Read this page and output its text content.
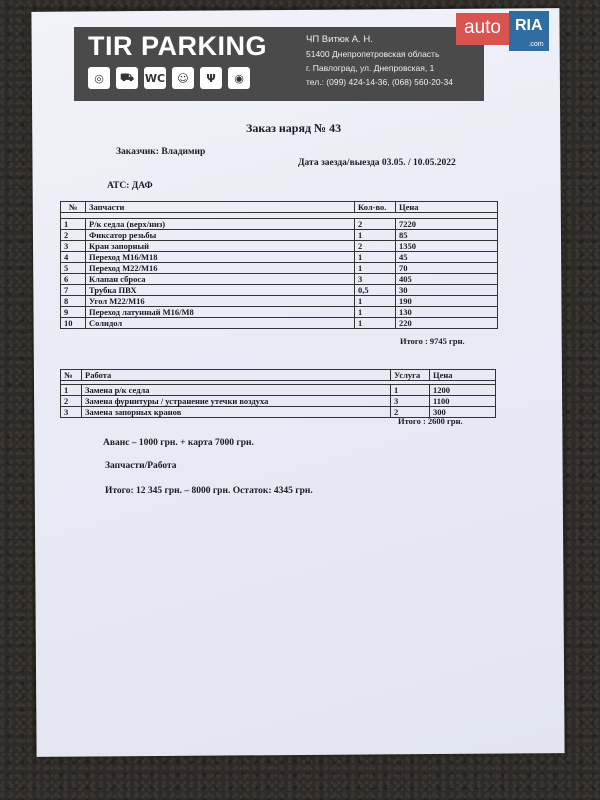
TIR PARKING
◎	⛟ WC	☺	Ψ	◉
ЧП Витюк А. Н.
51400 Днепропетровская область
г. Павлоград, ул. Днепровская, 1
тел.: (099) 424-14-36, (068) 560-20-34
auto RIA
.com
Заказ наряд № 43
Заказчик: Владимир
Дата заезда/выезда 03.05. / 10.05.2022
АТС: ДАФ
№	Запчасти	Кол-во.	Цена

1	Р/к седла (верх/низ)	2	7220
2	Фиксатор резьбы	1	85
3	Кран запорный	2	1350
4	Переход М16/М18	1	45
5	Переход М22/М16	1	70
6	Клапан сброса	3	405
7	Трубка ПВХ	0,5	30
8	Угол М22/М16	1	190
9	Переход латунный М16/М8	1	130
10	Солидол	1	220
Итого : 9745 грн.
№	Работа	Услуга	Цена

1	Замена р/к седла	1	1200
2	Замена фурнитуры / устранение утечки воздуха	3	1100
3	Замена запорных кранов	2	300
Итого : 2600 грн.
Аванс – 1000 грн. + карта 7000 грн.
Запчасти/Работа
Итого: 12 345 грн. – 8000 грн. Остаток: 4345 грн.
